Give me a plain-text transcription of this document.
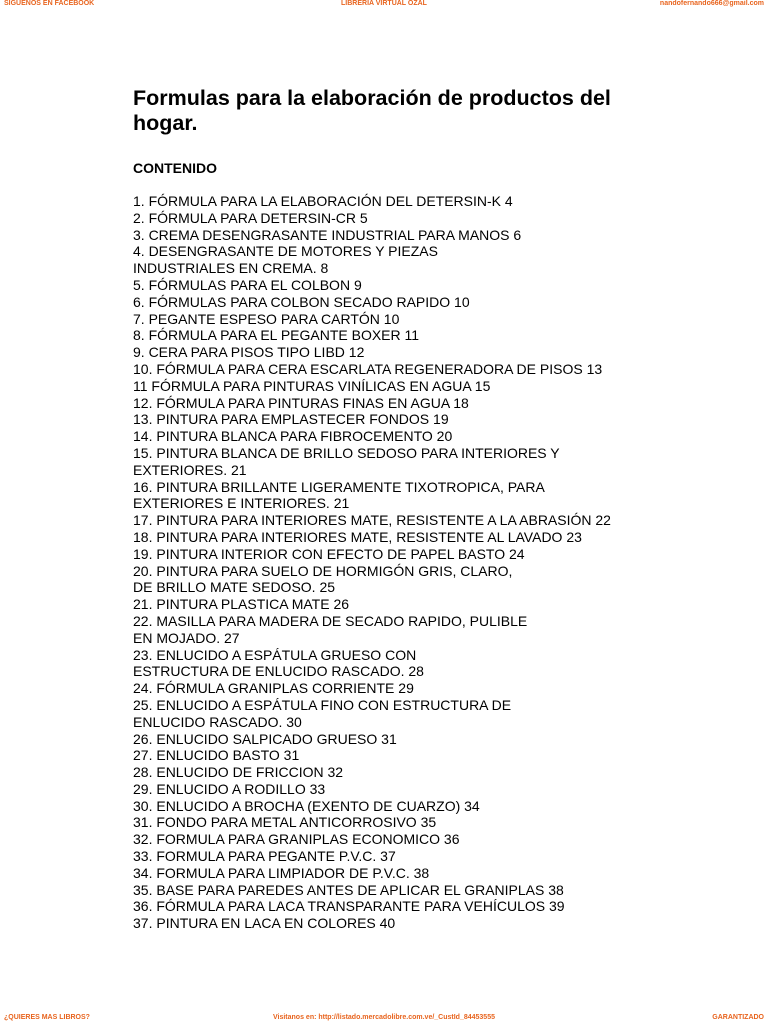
SIGUENOS EN FACEBOOK	LIBRERIA VIRTUAL OZAL	nandofernando666@gmail.com
Formulas para la elaboración de productos del hogar.
CONTENIDO
1. FÓRMULA PARA LA ELABORACIÓN DEL DETERSIN-K 4
2. FÓRMULA PARA DETERSIN-CR 5
3. CREMA DESENGRASANTE INDUSTRIAL PARA MANOS 6
4. DESENGRASANTE DE MOTORES Y PIEZAS
INDUSTRIALES EN CREMA. 8
5. FÓRMULAS PARA EL COLBON 9
6. FÓRMULAS PARA COLBON SECADO RAPIDO 10
7. PEGANTE ESPESO PARA CARTÓN 10
8. FÓRMULA PARA EL PEGANTE BOXER 11
9. CERA PARA PISOS TIPO LIBD 12
10. FÓRMULA PARA CERA ESCARLATA REGENERADORA DE PISOS 13
11 FÓRMULA PARA PINTURAS VINÍLICAS EN AGUA 15
12. FÓRMULA PARA PINTURAS FINAS EN AGUA 18
13. PINTURA PARA EMPLASTECER FONDOS 19
14. PINTURA BLANCA PARA FIBROCEMENTO 20
15. PINTURA BLANCA DE BRILLO SEDOSO PARA INTERIORES Y
EXTERIORES. 21
16. PINTURA BRILLANTE LIGERAMENTE TIXOTROPICA, PARA
EXTERIORES E INTERIORES. 21
17. PINTURA PARA INTERIORES MATE, RESISTENTE A LA ABRASIÓN 22
18. PINTURA PARA INTERIORES MATE, RESISTENTE AL LAVADO 23
19. PINTURA INTERIOR CON EFECTO DE PAPEL BASTO 24
20. PINTURA PARA SUELO DE HORMIGÓN GRIS, CLARO,
DE BRILLO MATE SEDOSO. 25
21. PINTURA PLASTICA MATE 26
22. MASILLA PARA MADERA DE SECADO RAPIDO, PULIBLE
EN MOJADO. 27
23. ENLUCIDO A ESPÁTULA GRUESO CON
ESTRUCTURA DE ENLUCIDO RASCADO. 28
24. FÓRMULA GRANIPLAS CORRIENTE 29
25. ENLUCIDO A ESPÁTULA FINO CON ESTRUCTURA DE
ENLUCIDO RASCADO. 30
26. ENLUCIDO SALPICADO GRUESO 31
27. ENLUCIDO BASTO 31
28. ENLUCIDO DE FRICCION 32
29. ENLUCIDO A RODILLO 33
30. ENLUCIDO A BROCHA (EXENTO DE CUARZO) 34
31. FONDO PARA METAL ANTICORROSIVO 35
32. FORMULA PARA GRANIPLAS ECONOMICO 36
33. FORMULA PARA PEGANTE P.V.C. 37
34. FORMULA PARA LIMPIADOR DE P.V.C. 38
35. BASE PARA PAREDES ANTES DE APLICAR EL GRANIPLAS 38
36. FÓRMULA PARA LACA TRANSPARANTE PARA VEHÍCULOS 39
37. PINTURA EN LACA EN COLORES 40
¿QUIERES MAS LIBROS?	Visitanos en: http://listado.mercadolibre.com.ve/_CustId_84453555	GARANTIZADO
